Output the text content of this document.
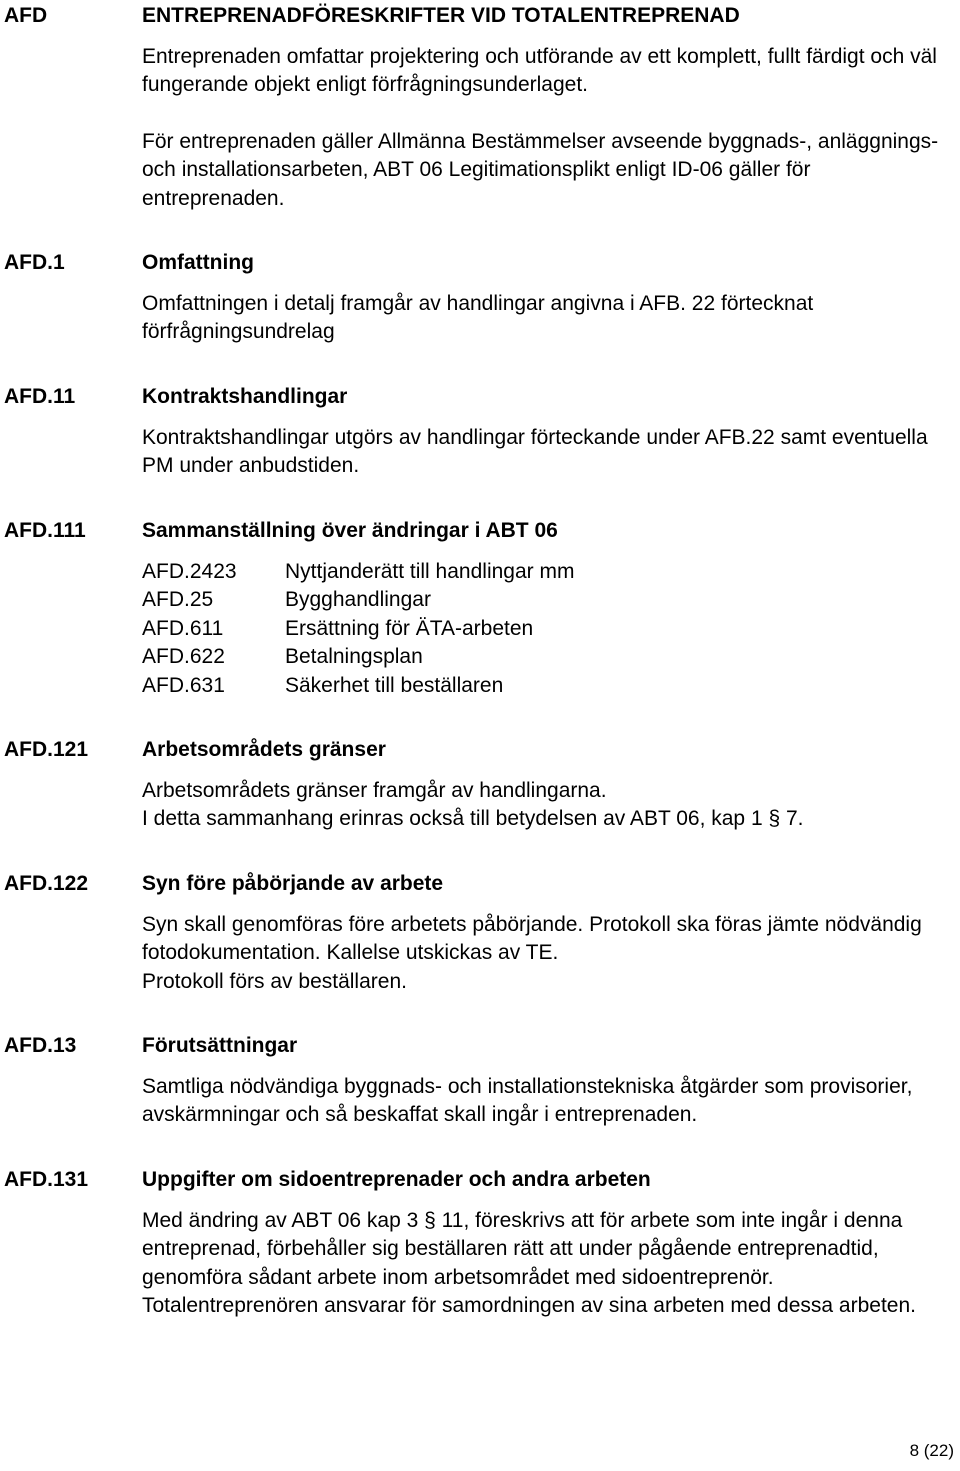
AFD	ENTREPRENADFÖRESKRIFTER VID TOTALENTREPRENAD

Entreprenaden omfattar projektering och utförande av ett komplett, fullt färdigt och väl fungerande objekt enligt förfrågningsunderlaget.

För entreprenaden gäller Allmänna Bestämmelser avseende byggnads-, anläggnings- och installationsarbeten, ABT 06 Legitimationsplikt enligt ID-06 gäller för entreprenaden.

AFD.1	Omfattning

Omfattningen i detalj framgår av handlingar angivna i AFB. 22 förtecknat förfrågningsundrelag

AFD.11	Kontraktshandlingar

Kontraktshandlingar utgörs av handlingar förteckande under AFB.22 samt eventuella PM under anbudstiden.

AFD.111	Sammanställning över ändringar i ABT 06
AFD.2423	Nyttjanderätt till handlingar mm
AFD.25	Bygghandlingar
AFD.611	Ersättning för ÄTA-arbeten
AFD.622	Betalningsplan
AFD.631	Säkerhet till beställaren
AFD.121	Arbetsområdets gränser

Arbetsområdets gränser framgår av handlingarna.

I detta sammanhang erinras också till betydelsen av ABT 06, kap 1 § 7.

AFD.122	Syn före påbörjande av arbete

Syn skall genomföras före arbetets påbörjande. Protokoll ska föras jämte nödvändig fotodokumentation. Kallelse utskickas av TE.

Protokoll förs av beställaren.

AFD.13	Förutsättningar

Samtliga nödvändiga byggnads- och installationstekniska åtgärder som provisorier, avskärmningar och så beskaffat skall ingår i entreprenaden.

AFD.131	Uppgifter om sidoentreprenader och andra arbeten

Med ändring av ABT 06 kap 3 § 11, föreskrivs att för arbete som inte ingår i denna entreprenad, förbehåller sig beställaren rätt att under pågående entreprenadtid, genomföra sådant arbete inom arbetsområdet med sidoentreprenör.

Totalentreprenören ansvarar för samordningen av sina arbeten med dessa arbeten.

8 (22)
